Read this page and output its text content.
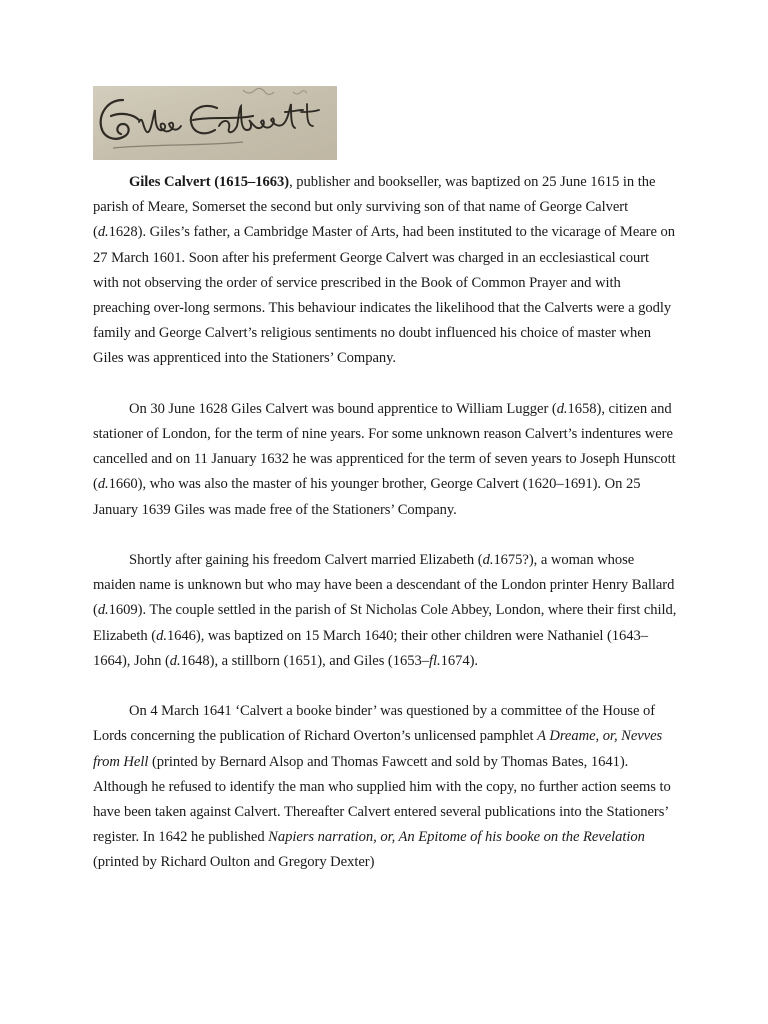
Giles Calvert (1615–1663), publisher and bookseller, was baptized on 25 June 1615 in the parish of Meare, Somerset the second but only surviving son of that name of George Calvert (d.1628). Giles’s father, a Cambridge Master of Arts, had been instituted to the vicarage of Meare on 27 March 1601. Soon after his preferment George Calvert was charged in an ecclesiastical court with not observing the order of service prescribed in the Book of Common Prayer and with preaching over-long sermons. This behaviour indicates the likelihood that the Calverts were a godly family and George Calvert’s religious sentiments no doubt influenced his choice of master when Giles was apprenticed into the Stationers’ Company.

On 30 June 1628 Giles Calvert was bound apprentice to William Lugger (d.1658), citizen and stationer of London, for the term of nine years. For some unknown reason Calvert’s indentures were cancelled and on 11 January 1632 he was apprenticed for the term of seven years to Joseph Hunscott (d.1660), who was also the master of his younger brother, George Calvert (1620–1691). On 25 January 1639 Giles was made free of the Stationers’ Company.

Shortly after gaining his freedom Calvert married Elizabeth (d.1675?), a woman whose maiden name is unknown but who may have been a descendant of the London printer Henry Ballard (d.1609). The couple settled in the parish of St Nicholas Cole Abbey, London, where their first child, Elizabeth (d.1646), was baptized on 15 March 1640; their other children were Nathaniel (1643–1664), John (d.1648), a stillborn (1651), and Giles (1653–fl.1674).

On 4 March 1641 ‘Calvert a booke binder’ was questioned by a committee of the House of Lords concerning the publication of Richard Overton’s unlicensed pamphlet A Dreame, or, Nevves from Hell (printed by Bernard Alsop and Thomas Fawcett and sold by Thomas Bates, 1641). Although he refused to identify the man who supplied him with the copy, no further action seems to have been taken against Calvert. Thereafter Calvert entered several publications into the Stationers’ register. In 1642 he published Napiers narration, or, An Epitome of his booke on the Revelation (printed by Richard Oulton and Gregory Dexter)
